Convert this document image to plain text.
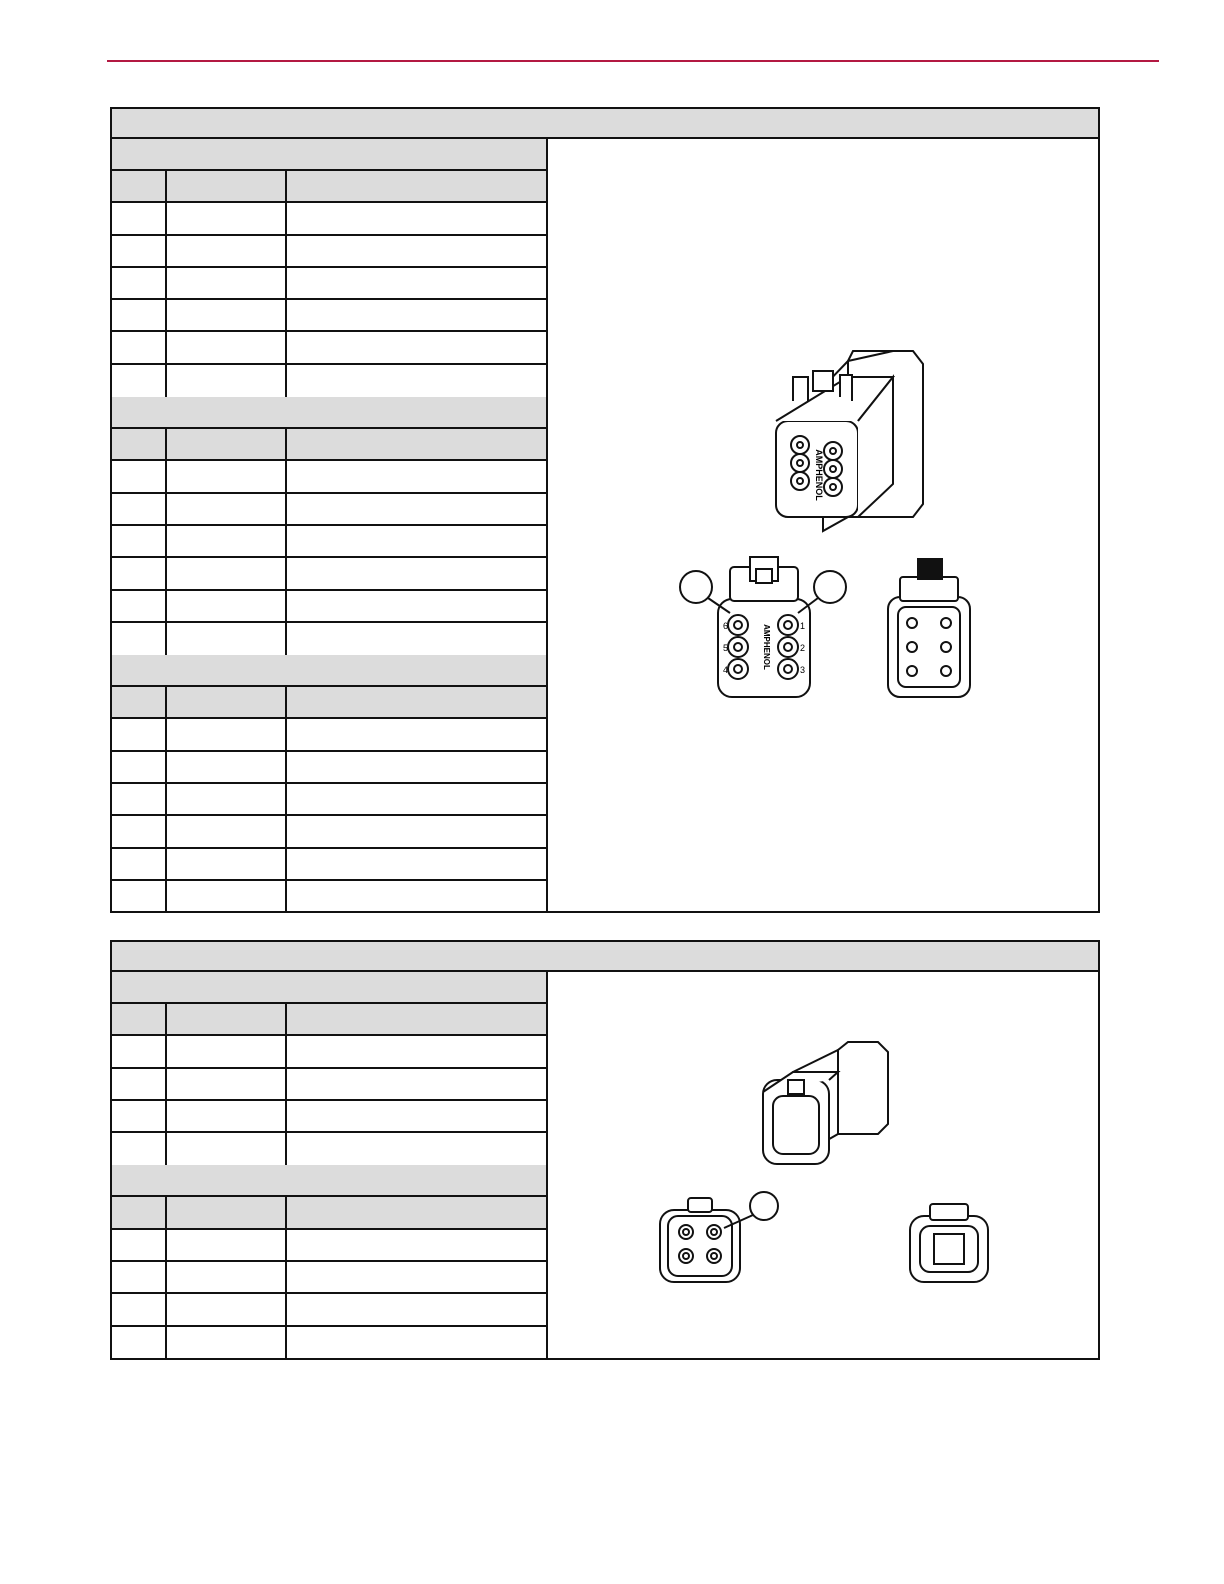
AMPHENOL
AMPHENOL
6
5
4
1
2
3
